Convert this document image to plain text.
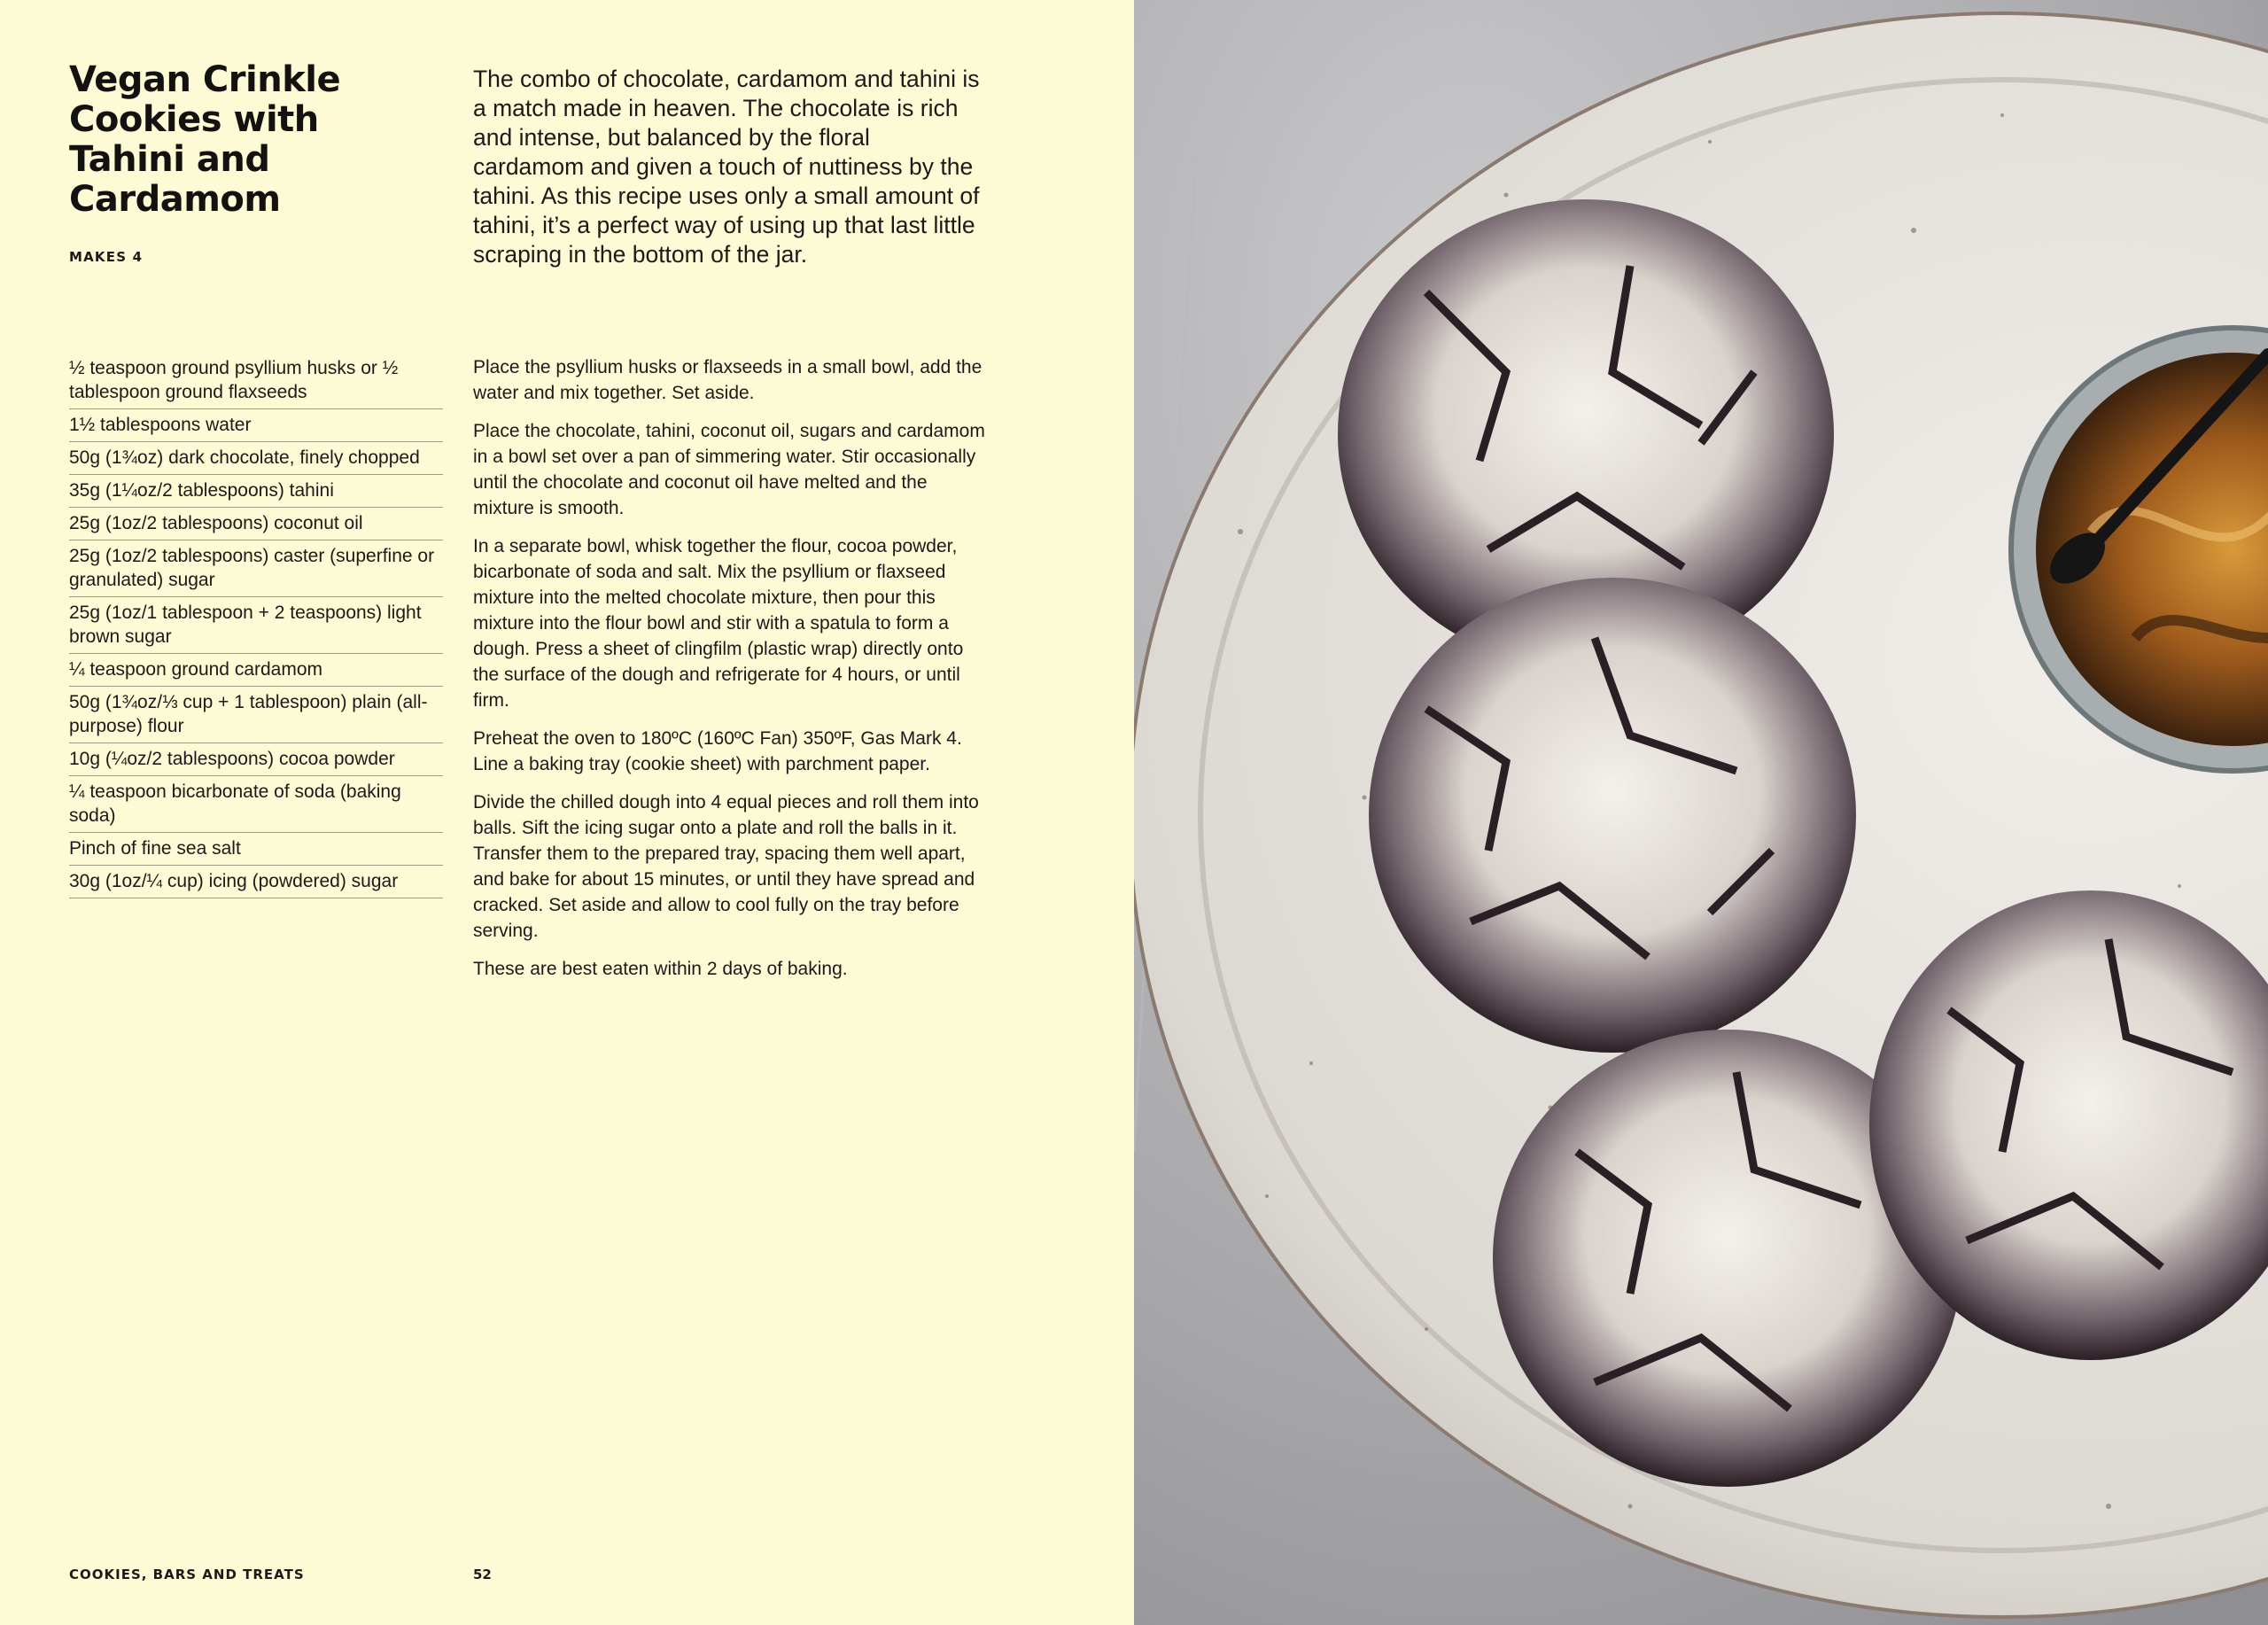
Vegan Crinkle Cookies with Tahini and Cardamom
MAKES 4

The combo of chocolate, cardamom and tahini is a match made in heaven. The chocolate is rich and intense, but balanced by the floral cardamom and given a touch of nuttiness by the tahini. As this recipe uses only a small amount of tahini, it’s a perfect way of using up that last little scraping in the bottom of the jar.

½ teaspoon ground psyllium husks or ½ tablespoon ground flaxseeds
1½ tablespoons water
50g (1¾oz) dark chocolate, finely chopped
35g (1¼oz/2 tablespoons) tahini
25g (1oz/2 tablespoons) coconut oil
25g (1oz/2 tablespoons) caster (superfine or granulated) sugar
25g (1oz/1 tablespoon + 2 teaspoons) light brown sugar
¼ teaspoon ground cardamom
50g (1¾oz/⅓ cup + 1 tablespoon) plain (all-purpose) flour
10g (¼oz/2 tablespoons) cocoa powder
¼ teaspoon bicarbonate of soda (baking soda)
Pinch of fine sea salt
30g (1oz/¼ cup) icing (powdered) sugar

Place the psyllium husks or flaxseeds in a small bowl, add the water and mix together. Set aside.

Place the chocolate, tahini, coconut oil, sugars and cardamom in a bowl set over a pan of simmering water. Stir occasionally until the chocolate and coconut oil have melted and the mixture is smooth.

In a separate bowl, whisk together the flour, cocoa powder, bicarbonate of soda and salt. Mix the psyllium or flaxseed mixture into the melted chocolate mixture, then pour this mixture into the flour bowl and stir with a spatula to form a dough. Press a sheet of clingfilm (plastic wrap) directly onto the surface of the dough and refrigerate for 4 hours, or until firm.

Preheat the oven to 180ºC (160ºC Fan) 350ºF, Gas Mark 4. Line a baking tray (cookie sheet) with parchment paper.

Divide the chilled dough into 4 equal pieces and roll them into balls. Sift the icing sugar onto a plate and roll the balls in it. Transfer them to the prepared tray, spacing them well apart, and bake for about 15 minutes, or until they have spread and cracked. Set aside and allow to cool fully on the tray before serving.

These are best eaten within 2 days of baking.

COOKIES, BARS AND TREATS	52
